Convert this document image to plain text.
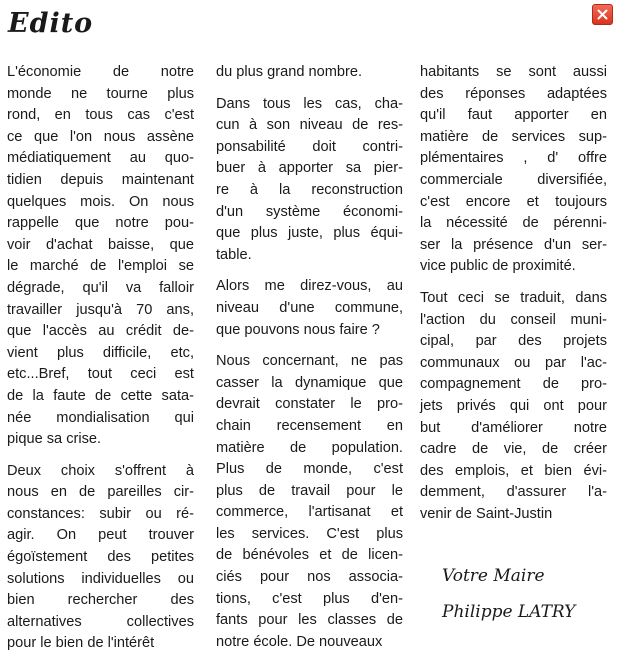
Edito

L'économie de notre
monde ne tourne plus
rond, en tous cas c'est
ce que l'on nous assène
médiatiquement au quo-
tidien depuis maintenant
quelques mois. On nous
rappelle que notre pou-
voir d'achat baisse, que
le marché de l'emploi se
dégrade, qu'il va falloir
travailler jusqu'à 70 ans,
que l'accès au crédit de-
vient plus difficile, etc,
etc...Bref, tout ceci est
de la faute de cette sata-
née mondialisation qui
pique sa crise.

Deux choix s'offrent à
nous en de pareilles cir-
constances: subir ou ré-
agir. On peut trouver
égoïstement des petites
solutions individuelles ou
bien rechercher des
alternatives collectives
pour le bien de l'intérêt

du plus grand nombre.

Dans tous les cas, cha-
cun à son niveau de res-
ponsabilité doit contri-
buer à apporter sa pier-
re à la reconstruction
d'un système économi-
que plus juste, plus équi-
table.

Alors me direz-vous, au
niveau d'une commune,
que pouvons nous faire ?

Nous concernant, ne pas
casser la dynamique que
devrait constater le pro-
chain recensement en
matière de population.
Plus de monde, c'est
plus de travail pour le
commerce, l'artisanat et
les services. C'est plus
de bénévoles et de licen-
ciés pour nos associa-
tions, c'est plus d'en-
fants pour les classes de
notre école. De nouveaux

habitants se sont aussi
des réponses adaptées
qu'il faut apporter en
matière de services sup-
plémentaires , d' offre
commerciale diversifiée,
c'est encore et toujours
la nécessité de pérenni-
ser la présence d'un ser-
vice public de proximité.

Tout ceci se traduit, dans
l'action du conseil muni-
cipal, par des projets
communaux ou par l'ac-
compagnement de pro-
jets privés qui ont pour
but d'améliorer notre
cadre de vie, de créer
des emplois, et bien évi-
demment, d'assurer l'a-
venir de Saint-Justin

Votre Maire
Philippe LATRY
